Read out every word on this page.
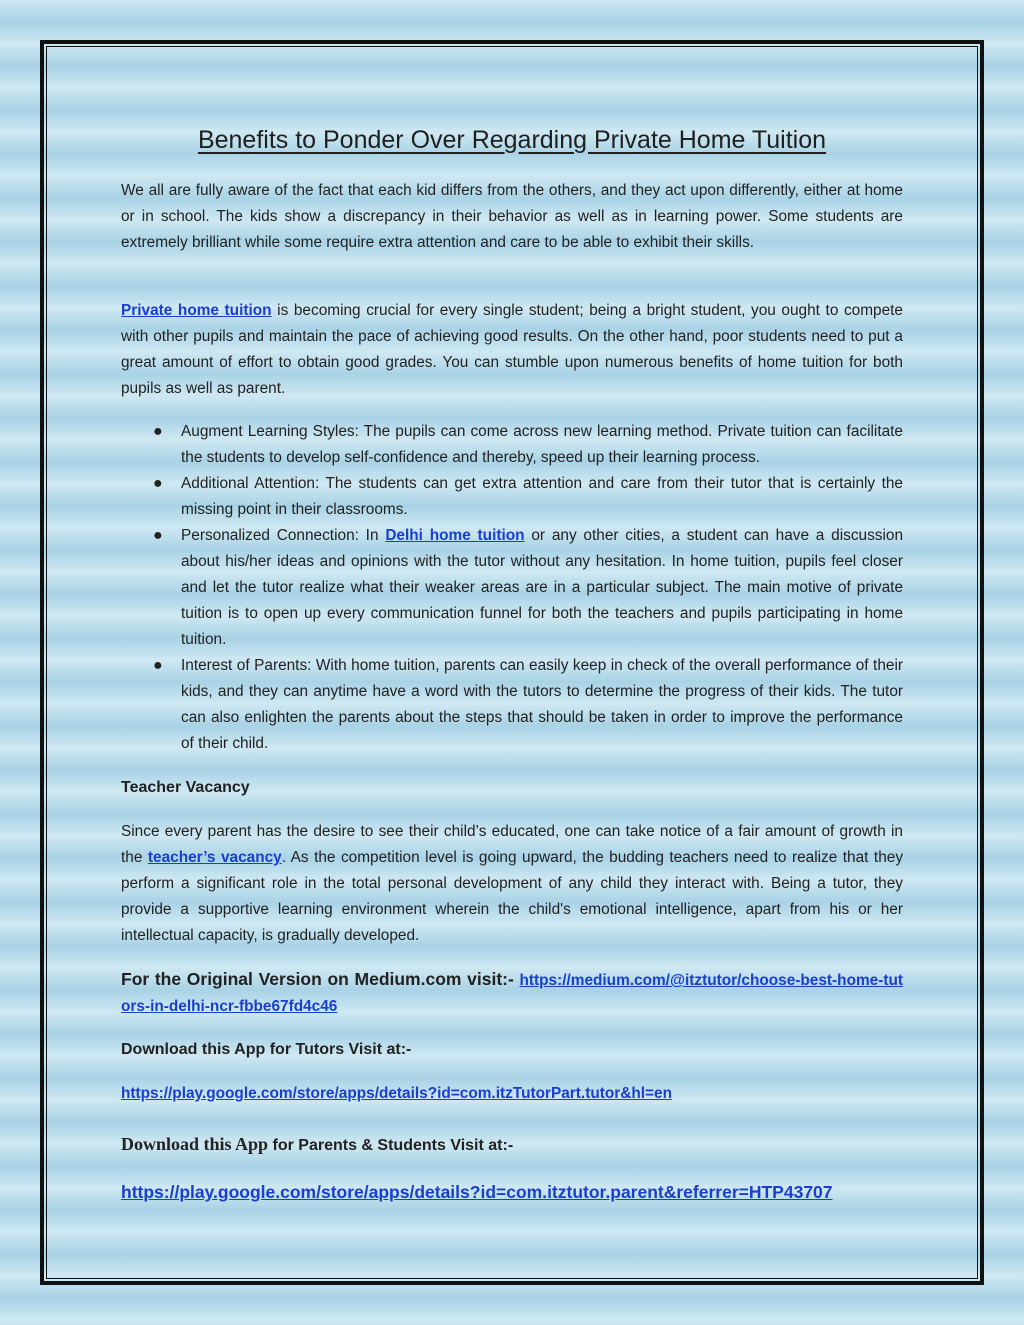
Benefits to Ponder Over Regarding Private Home Tuition

We all are fully aware of the fact that each kid differs from the others, and they act upon differently, either at home or in school. The kids show a discrepancy in their behavior as well as in learning power. Some students are extremely brilliant while some require extra attention and care to be able to exhibit their skills.

Private home tuition is becoming crucial for every single student; being a bright student, you ought to compete with other pupils and maintain the pace of achieving good results. On the other hand, poor students need to put a great amount of effort to obtain good grades. You can stumble upon numerous benefits of home tuition for both pupils as well as parent.

● Augment Learning Styles: The pupils can come across new learning method. Private tuition can facilitate the students to develop self-confidence and thereby, speed up their learning process.
● Additional Attention: The students can get extra attention and care from their tutor that is certainly the missing point in their classrooms.
● Personalized Connection: In Delhi home tuition or any other cities, a student can have a discussion about his/her ideas and opinions with the tutor without any hesitation. In home tuition, pupils feel closer and let the tutor realize what their weaker areas are in a particular subject. The main motive of private tuition is to open up every communication funnel for both the teachers and pupils participating in home tuition.
● Interest of Parents: With home tuition, parents can easily keep in check of the overall performance of their kids, and they can anytime have a word with the tutors to determine the progress of their kids. The tutor can also enlighten the parents about the steps that should be taken in order to improve the performance of their child.

Teacher Vacancy

Since every parent has the desire to see their child’s educated, one can take notice of a fair amount of growth in the teacher’s vacancy. As the competition level is going upward, the budding teachers need to realize that they perform a significant role in the total personal development of any child they interact with. Being a tutor, they provide a supportive learning environment wherein the child's emotional intelligence, apart from his or her intellectual capacity, is gradually developed.

For the Original Version on Medium.com visit:- https://medium.com/@itztutor/choose-best-home-tutors-in-delhi-ncr-fbbe67fd4c46

Download this App for Tutors Visit at:-

https://play.google.com/store/apps/details?id=com.itzTutorPart.tutor&hl=en

Download this App for Parents & Students Visit at:-

https://play.google.com/store/apps/details?id=com.itztutor.parent&referrer=HTP43707
